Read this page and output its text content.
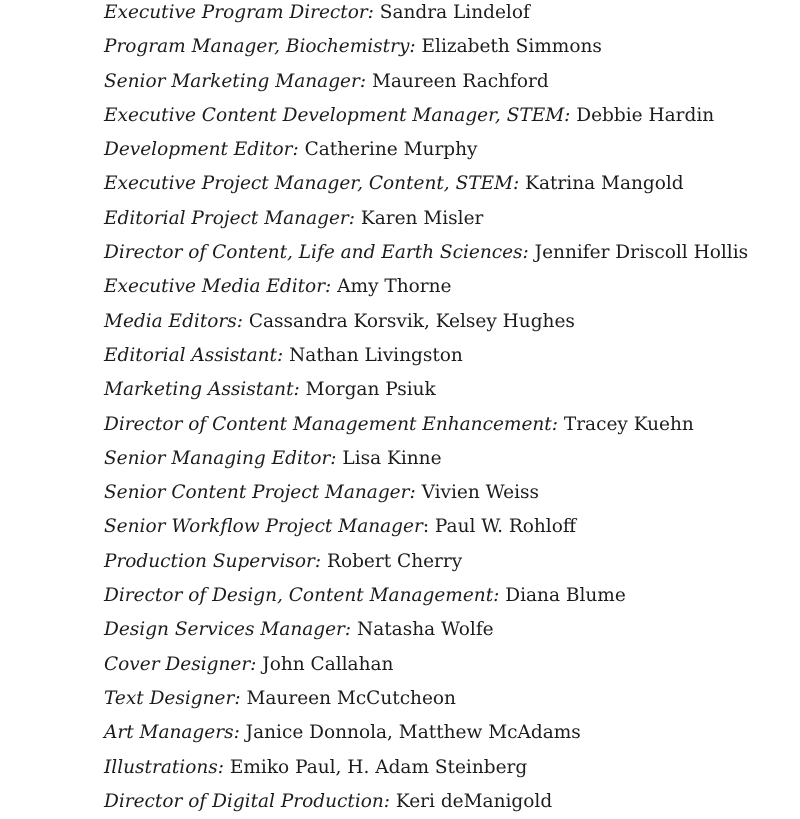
Executive Program Director: Sandra Lindelof
Program Manager, Biochemistry: Elizabeth Simmons
Senior Marketing Manager: Maureen Rachford
Executive Content Development Manager, STEM: Debbie Hardin
Development Editor: Catherine Murphy
Executive Project Manager, Content, STEM: Katrina Mangold
Editorial Project Manager: Karen Misler
Director of Content, Life and Earth Sciences: Jennifer Driscoll Hollis
Executive Media Editor: Amy Thorne
Media Editors: Cassandra Korsvik, Kelsey Hughes
Editorial Assistant: Nathan Livingston
Marketing Assistant: Morgan Psiuk
Director of Content Management Enhancement: Tracey Kuehn
Senior Managing Editor: Lisa Kinne
Senior Content Project Manager: Vivien Weiss
Senior Workflow Project Manager: Paul W. Rohloff
Production Supervisor: Robert Cherry
Director of Design, Content Management: Diana Blume
Design Services Manager: Natasha Wolfe
Cover Designer: John Callahan
Text Designer: Maureen McCutcheon
Art Managers: Janice Donnola, Matthew McAdams
Illustrations: Emiko Paul, H. Adam Steinberg
Director of Digital Production: Keri deManigold
